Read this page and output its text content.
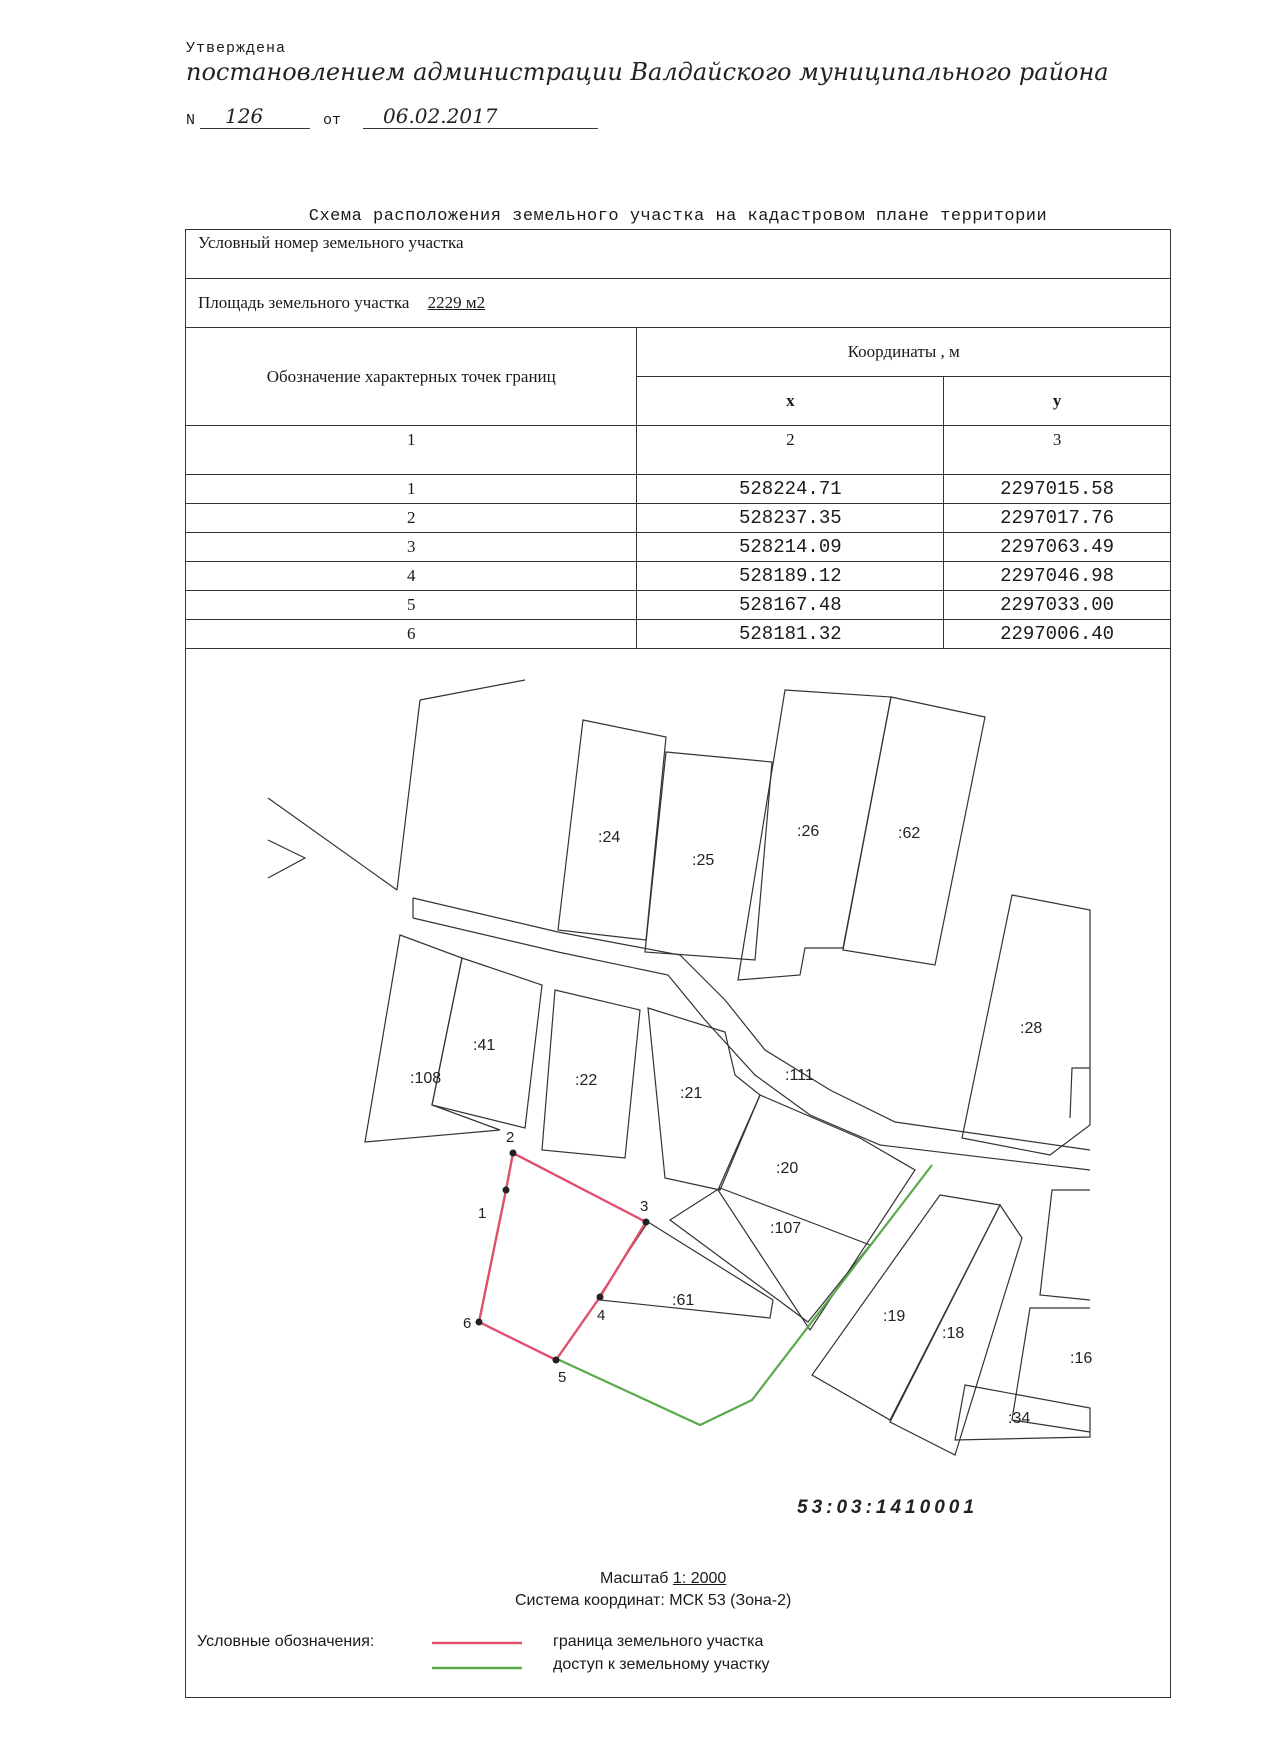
Утверждена
постановлением администрации Валдайского муниципального района
N	126	от	06.02.2017
Схема расположения земельного участка на кадастровом плане территории
Условный номер земельного участка		
Площадь земельного участка 2229 м2		
Обозначение характерных точек границ	Координаты , м	
	x	y
1	2	3
1	528224.71	2297015.58
2	528237.35	2297017.76
3	528214.09	2297063.49
4	528189.12	2297046.98
5	528167.48	2297033.00
6	528181.32	2297006.40
1
2
3
4
5
6
:24
:25
:26	:62
:108
:41
:22
:21
:111
:28
:20
:107
:61
:19
:18
:16
:34
53:03:1410001
Масштаб 1: 2000
Система координат: МСК 53 (Зона-2)
Условные обозначения:	граница земельного участка
доступ к земельному участку
